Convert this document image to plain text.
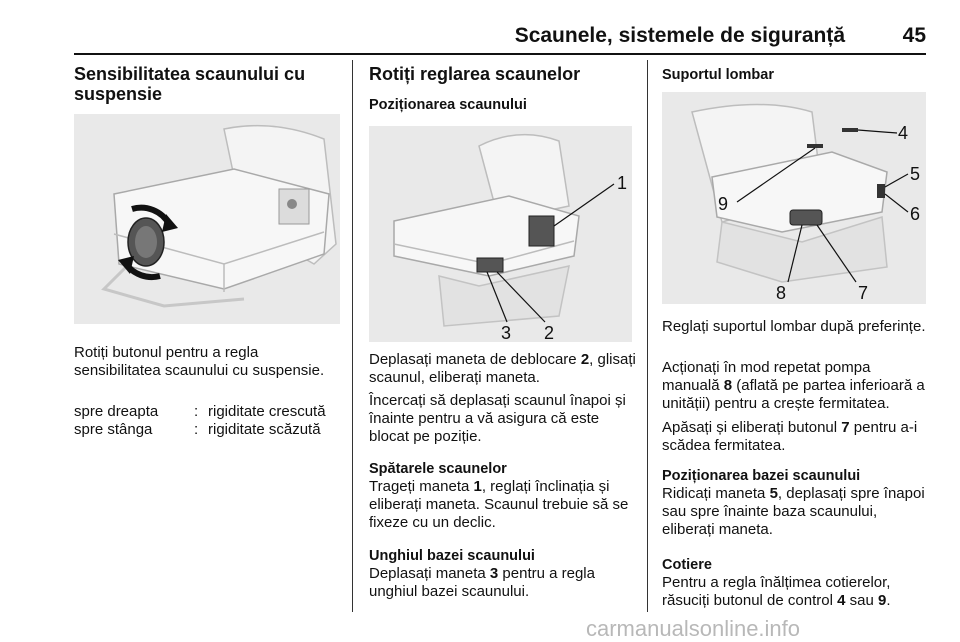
Scaunele, sistemele de siguranță	45
Sensibilitatea scaunului cu suspensie

Rotiți butonul pentru a regla sensibilitatea scaunului cu suspensie.

spre dreapta : rigiditate crescută
spre stânga	: rigiditate scăzută
Rotiți reglarea scaunelor
Poziționarea scaunului
1
3 2

Deplasați maneta de deblocare 2, glisați scaunul, eliberați maneta.

Încercați să deplasați scaunul înapoi și înainte pentru a vă asigura că este blocat pe poziție.

Spătarele scaunelor

Trageți maneta 1, reglați înclinația și eliberați maneta. Scaunul trebuie să se fixeze cu un declic.

Unghiul bazei scaunului

Deplasați maneta 3 pentru a regla unghiul bazei scaunului.

Suportul lombar
4
5
9	6
8	7

Reglați suportul lombar după preferințe.

Acționați în mod repetat pompa manuală 8 (aflată pe partea inferioară a unității) pentru a crește fermitatea.

Apăsați și eliberați butonul 7 pentru a-i scădea fermitatea.

Poziționarea bazei scaunului

Ridicați maneta 5, deplasați spre înapoi sau spre înainte baza scaunului, eliberați maneta.

Cotiere

Pentru a regla înălțimea cotierelor, răsuciți butonul de control 4 sau 9.

carmanualsonline.info
